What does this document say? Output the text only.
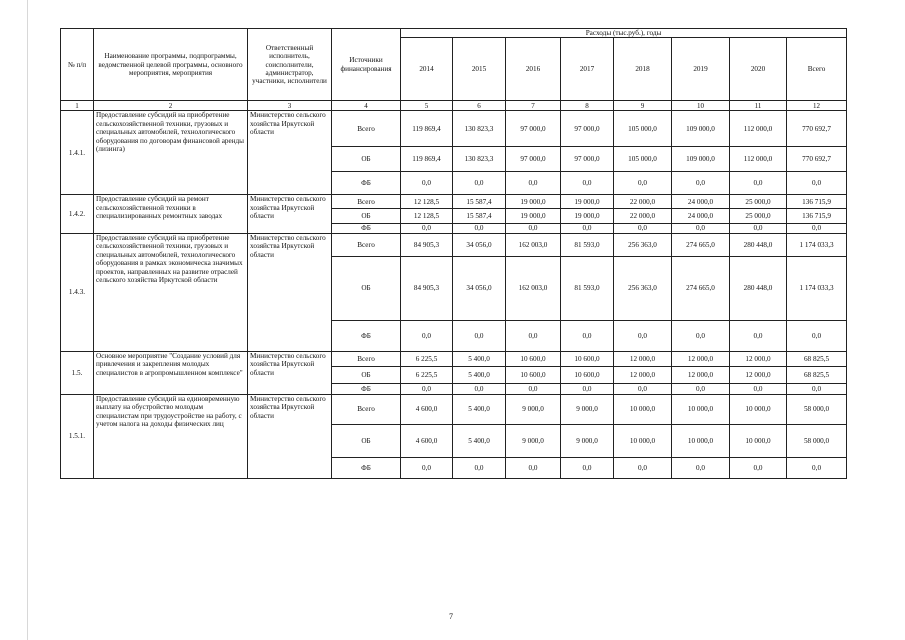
№ п/п	Наименование программы, подпрограммы, ведомственной целевой программы, основного мероприятия, мероприятия	Ответственный исполнитель, соисполнители, администратор, участники, исполнители	Источники финансирования	Расходы (тыс.руб.), годы							
				2014	2015	2016	2017	2018	2019	2020	Всего
1	2	3	4	5	6	7	8	9	10	11	12
1.4.1.	Предоставление субсидий на приобретение сельскохозяйственной техники, грузовых и специальных автомобилей, технологического оборудования по договорам финансовой аренды (лизинга)	Министерство сельского хозяйства Иркутской области	Всего	119 869,4	130 823,3	97 000,0	97 000,0	105 000,0	109 000,0	112 000,0	770 692,7
			ОБ	119 869,4	130 823,3	97 000,0	97 000,0	105 000,0	109 000,0	112 000,0	770 692,7
			ФБ	0,0	0,0	0,0	0,0	0,0	0,0	0,0	0,0
1.4.2.	Предоставление субсидий на ремонт сельскохозяйственной техники в специализированных ремонтных заводах	Министерство сельского хозяйства Иркутской области	Всего	12 128,5	15 587,4	19 000,0	19 000,0	22 000,0	24 000,0	25 000,0	136 715,9
			ОБ	12 128,5	15 587,4	19 000,0	19 000,0	22 000,0	24 000,0	25 000,0	136 715,9
			ФБ	0,0	0,0	0,0	0,0	0,0	0,0	0,0	0,0
1.4.3.	Предоставление субсидий на приобретение сельскохозяйственной техники, грузовых и специальных автомобилей, технологического оборудования в рамках экономическа значимых проектов, направленных на развитие отраслей сельского хозяйства Иркутской области	Министерство сельского хозяйства Иркутской области	Всего	84 905,3	34 056,0	162 003,0	81 593,0	256 363,0	274 665,0	280 448,0	1 174 033,3
			ОБ	84 905,3	34 056,0	162 003,0	81 593,0	256 363,0	274 665,0	280 448,0	1 174 033,3
			ФБ	0,0	0,0	0,0	0,0	0,0	0,0	0,0	0,0
1.5.	Основное мероприятие "Создание условий для привлечения и закрепления молодых специалистов в агропромышленном комплексе"	Министерство сельского хозяйства Иркутской области	Всего	6 225,5	5 400,0	10 600,0	10 600,0	12 000,0	12 000,0	12 000,0	68 825,5
			ОБ	6 225,5	5 400,0	10 600,0	10 600,0	12 000,0	12 000,0	12 000,0	68 825,5
			ФБ	0,0	0,0	0,0	0,0	0,0	0,0	0,0	0,0
1.5.1.	Предоставление субсидий на единовременную выплату на обустройство молодым специалистам при трудоустройстве на работу, с учетом налога на доходы физических лиц	Министерство сельского хозяйства Иркутской области	Всего	4 600,0	5 400,0	9 000,0	9 000,0	10 000,0	10 000,0	10 000,0	58 000,0
			ОБ	4 600,0	5 400,0	9 000,0	9 000,0	10 000,0	10 000,0	10 000,0	58 000,0
			ФБ	0,0	0,0	0,0	0,0	0,0	0,0	0,0	0,0
7
